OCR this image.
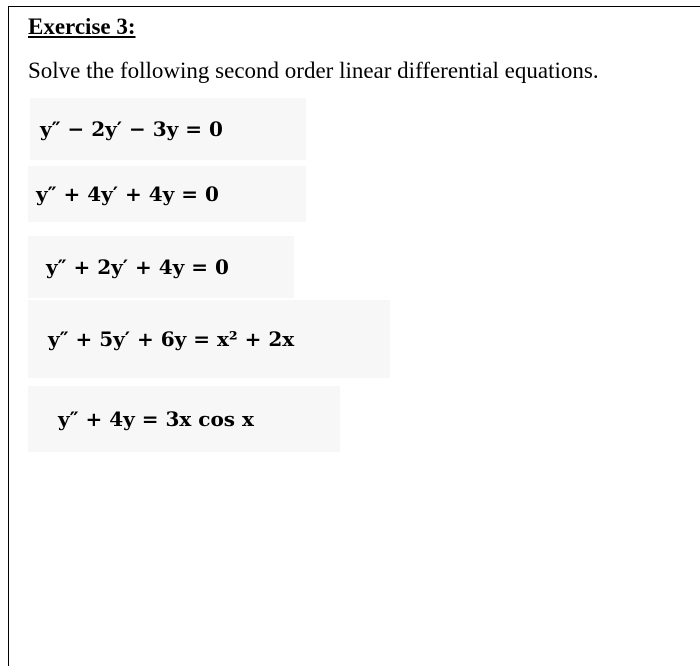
Exercise 3:
Solve the following second order linear differential equations.
y″ − 2y′ − 3y = 0
y″ + 4y′ + 4y = 0
y″ + 2y′ + 4y = 0
y″ + 5y′ + 6y = x² + 2x
y″ + 4y = 3x cos x
